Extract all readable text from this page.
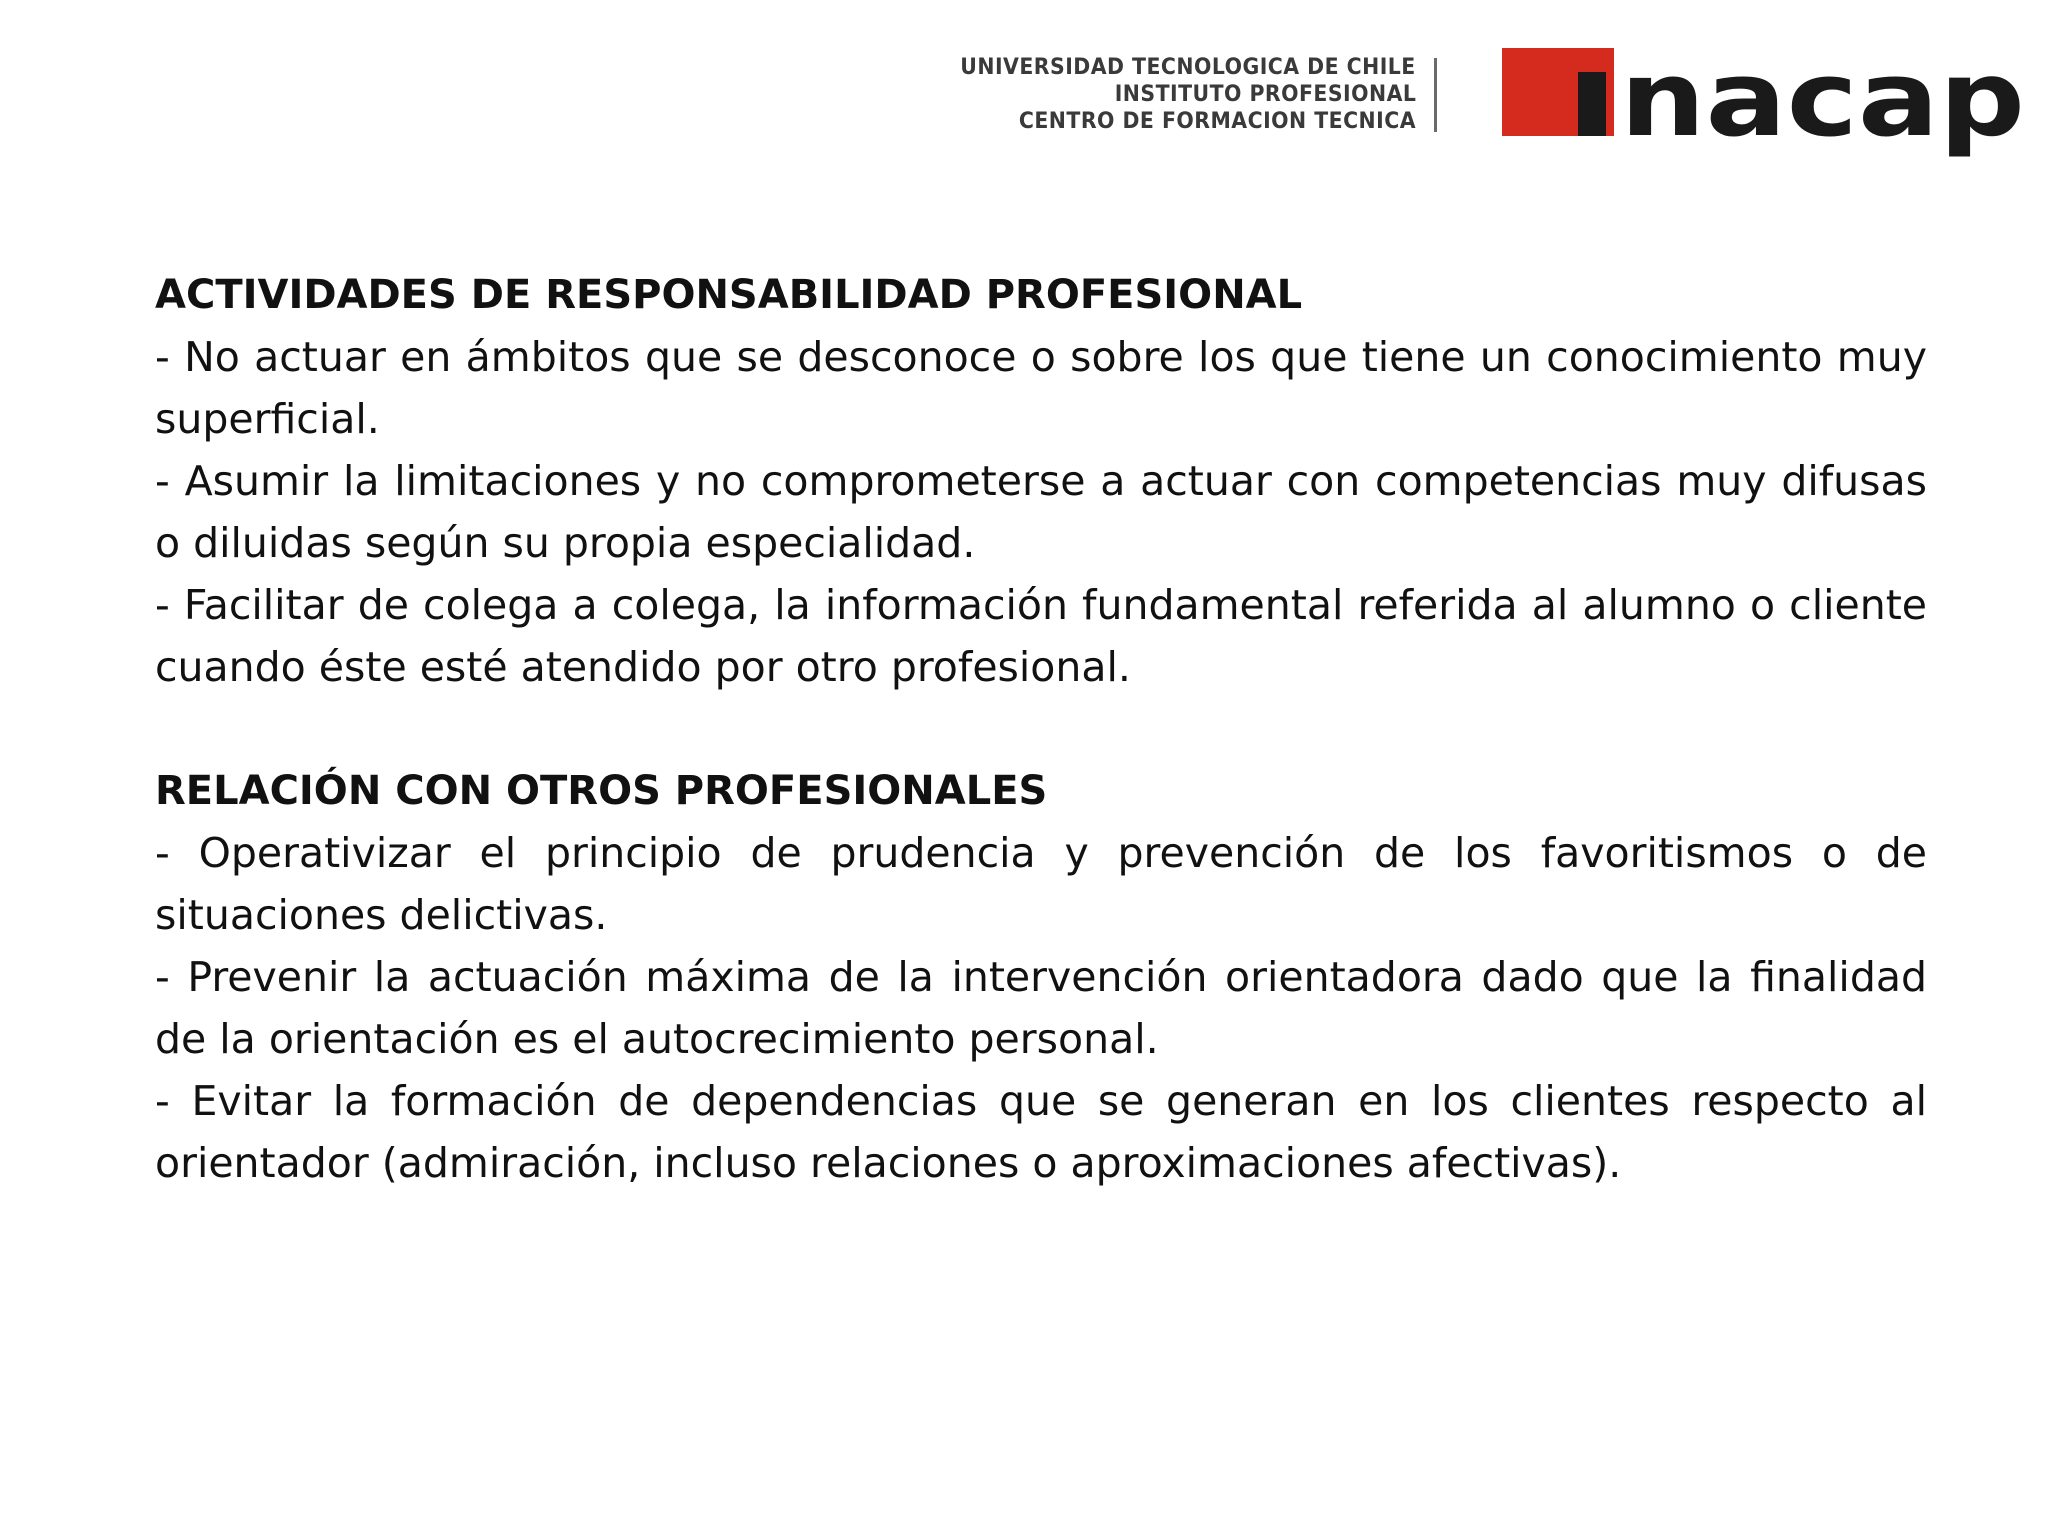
UNIVERSIDAD TECNOLOGICA DE CHILE
INSTITUTO PROFESIONAL
CENTRO DE FORMACION TECNICA nacap

ACTIVIDADES DE RESPONSABILIDAD PROFESIONAL

- No actuar en ámbitos que se desconoce o sobre los que tiene un conocimiento muy superficial.

- Asumir la limitaciones y no comprometerse a actuar con competencias muy difusas o diluidas según su propia especialidad.

- Facilitar de colega a colega, la información fundamental referida al alumno o cliente cuando éste esté atendido por otro profesional.

RELACIÓN CON OTROS PROFESIONALES

- Operativizar el principio de prudencia y prevención de los favoritismos o de situaciones delictivas.

- Prevenir la actuación máxima de la intervención orientadora dado que la finalidad de la orientación es el autocrecimiento personal.

- Evitar la formación de dependencias que se generan en los clientes respecto al orientador (admiración, incluso relaciones o aproximaciones afectivas).
